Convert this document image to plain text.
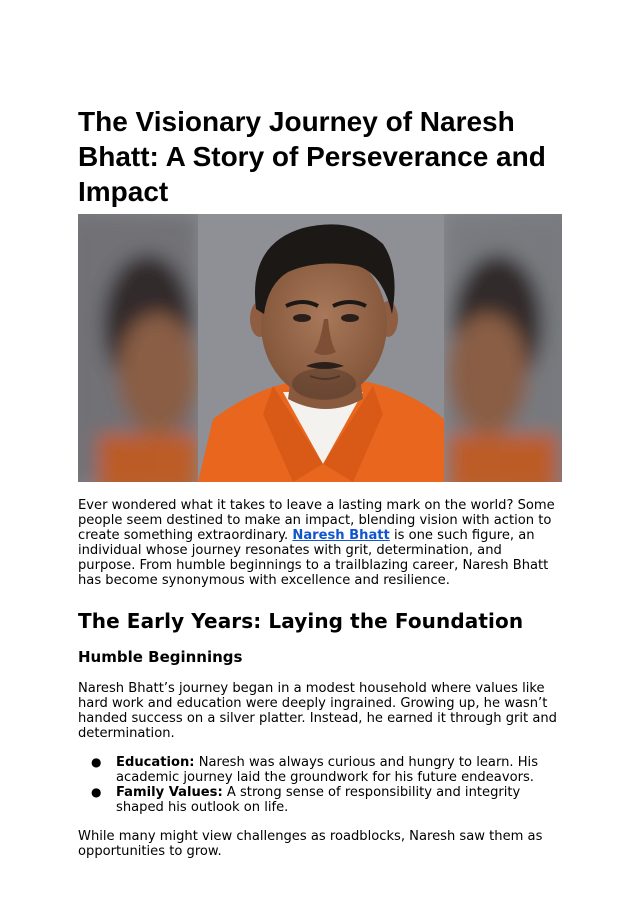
The Visionary Journey of Naresh Bhatt: A Story of Perseverance and Impact

Ever wondered what it takes to leave a lasting mark on the world? Some people seem destined to make an impact, blending vision with action to create something extraordinary. Naresh Bhatt is one such figure, an individual whose journey resonates with grit, determination, and purpose. From humble beginnings to a trailblazing career, Naresh Bhatt has become synonymous with excellence and resilience.

The Early Years: Laying the Foundation
Humble Beginnings

Naresh Bhatt’s journey began in a modest household where values like hard work and education were deeply ingrained. Growing up, he wasn’t handed success on a silver platter. Instead, he earned it through grit and determination.

● Education: Naresh was always curious and hungry to learn. His academic journey laid the groundwork for his future endeavors.
● Family Values: A strong sense of responsibility and integrity shaped his outlook on life.

While many might view challenges as roadblocks, Naresh saw them as opportunities to grow.
